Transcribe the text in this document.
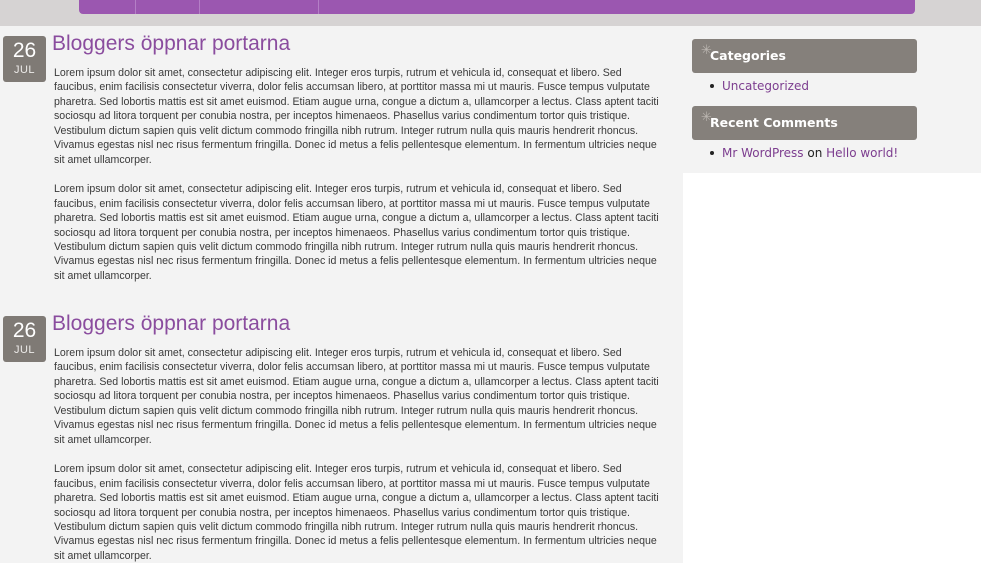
26
JUL
Bloggers öppnar portarna

Lorem ipsum dolor sit amet, consectetur adipiscing elit. Integer eros turpis, rutrum et vehicula id, consequat et libero. Sed faucibus, enim facilisis consectetur viverra, dolor felis accumsan libero, at porttitor massa mi ut mauris. Fusce tempus vulputate pharetra. Sed lobortis mattis est sit amet euismod. Etiam augue urna, congue a dictum a, ullamcorper a lectus. Class aptent taciti sociosqu ad litora torquent per conubia nostra, per inceptos himenaeos. Phasellus varius condimentum tortor quis tristique. Vestibulum dictum sapien quis velit dictum commodo fringilla nibh rutrum. Integer rutrum nulla quis mauris hendrerit rhoncus. Vivamus egestas nisl nec risus fermentum fringilla. Donec id metus a felis pellentesque elementum. In fermentum ultricies neque sit amet ullamcorper.

Lorem ipsum dolor sit amet, consectetur adipiscing elit. Integer eros turpis, rutrum et vehicula id, consequat et libero. Sed faucibus, enim facilisis consectetur viverra, dolor felis accumsan libero, at porttitor massa mi ut mauris. Fusce tempus vulputate pharetra. Sed lobortis mattis est sit amet euismod. Etiam augue urna, congue a dictum a, ullamcorper a lectus. Class aptent taciti sociosqu ad litora torquent per conubia nostra, per inceptos himenaeos. Phasellus varius condimentum tortor quis tristique. Vestibulum dictum sapien quis velit dictum commodo fringilla nibh rutrum. Integer rutrum nulla quis mauris hendrerit rhoncus. Vivamus egestas nisl nec risus fermentum fringilla. Donec id metus a felis pellentesque elementum. In fermentum ultricies neque sit amet ullamcorper.

26
JUL
Bloggers öppnar portarna

Lorem ipsum dolor sit amet, consectetur adipiscing elit. Integer eros turpis, rutrum et vehicula id, consequat et libero. Sed faucibus, enim facilisis consectetur viverra, dolor felis accumsan libero, at porttitor massa mi ut mauris. Fusce tempus vulputate pharetra. Sed lobortis mattis est sit amet euismod. Etiam augue urna, congue a dictum a, ullamcorper a lectus. Class aptent taciti sociosqu ad litora torquent per conubia nostra, per inceptos himenaeos. Phasellus varius condimentum tortor quis tristique. Vestibulum dictum sapien quis velit dictum commodo fringilla nibh rutrum. Integer rutrum nulla quis mauris hendrerit rhoncus. Vivamus egestas nisl nec risus fermentum fringilla. Donec id metus a felis pellentesque elementum. In fermentum ultricies neque sit amet ullamcorper.

Lorem ipsum dolor sit amet, consectetur adipiscing elit. Integer eros turpis, rutrum et vehicula id, consequat et libero. Sed faucibus, enim facilisis consectetur viverra, dolor felis accumsan libero, at porttitor massa mi ut mauris. Fusce tempus vulputate pharetra. Sed lobortis mattis est sit amet euismod. Etiam augue urna, congue a dictum a, ullamcorper a lectus. Class aptent taciti sociosqu ad litora torquent per conubia nostra, per inceptos himenaeos. Phasellus varius condimentum tortor quis tristique. Vestibulum dictum sapien quis velit dictum commodo fringilla nibh rutrum. Integer rutrum nulla quis mauris hendrerit rhoncus. Vivamus egestas nisl nec risus fermentum fringilla. Donec id metus a felis pellentesque elementum. In fermentum ultricies neque sit amet ullamcorper.

✳
Categories
Uncategorized
✳
Recent Comments
Mr WordPress on Hello world!
